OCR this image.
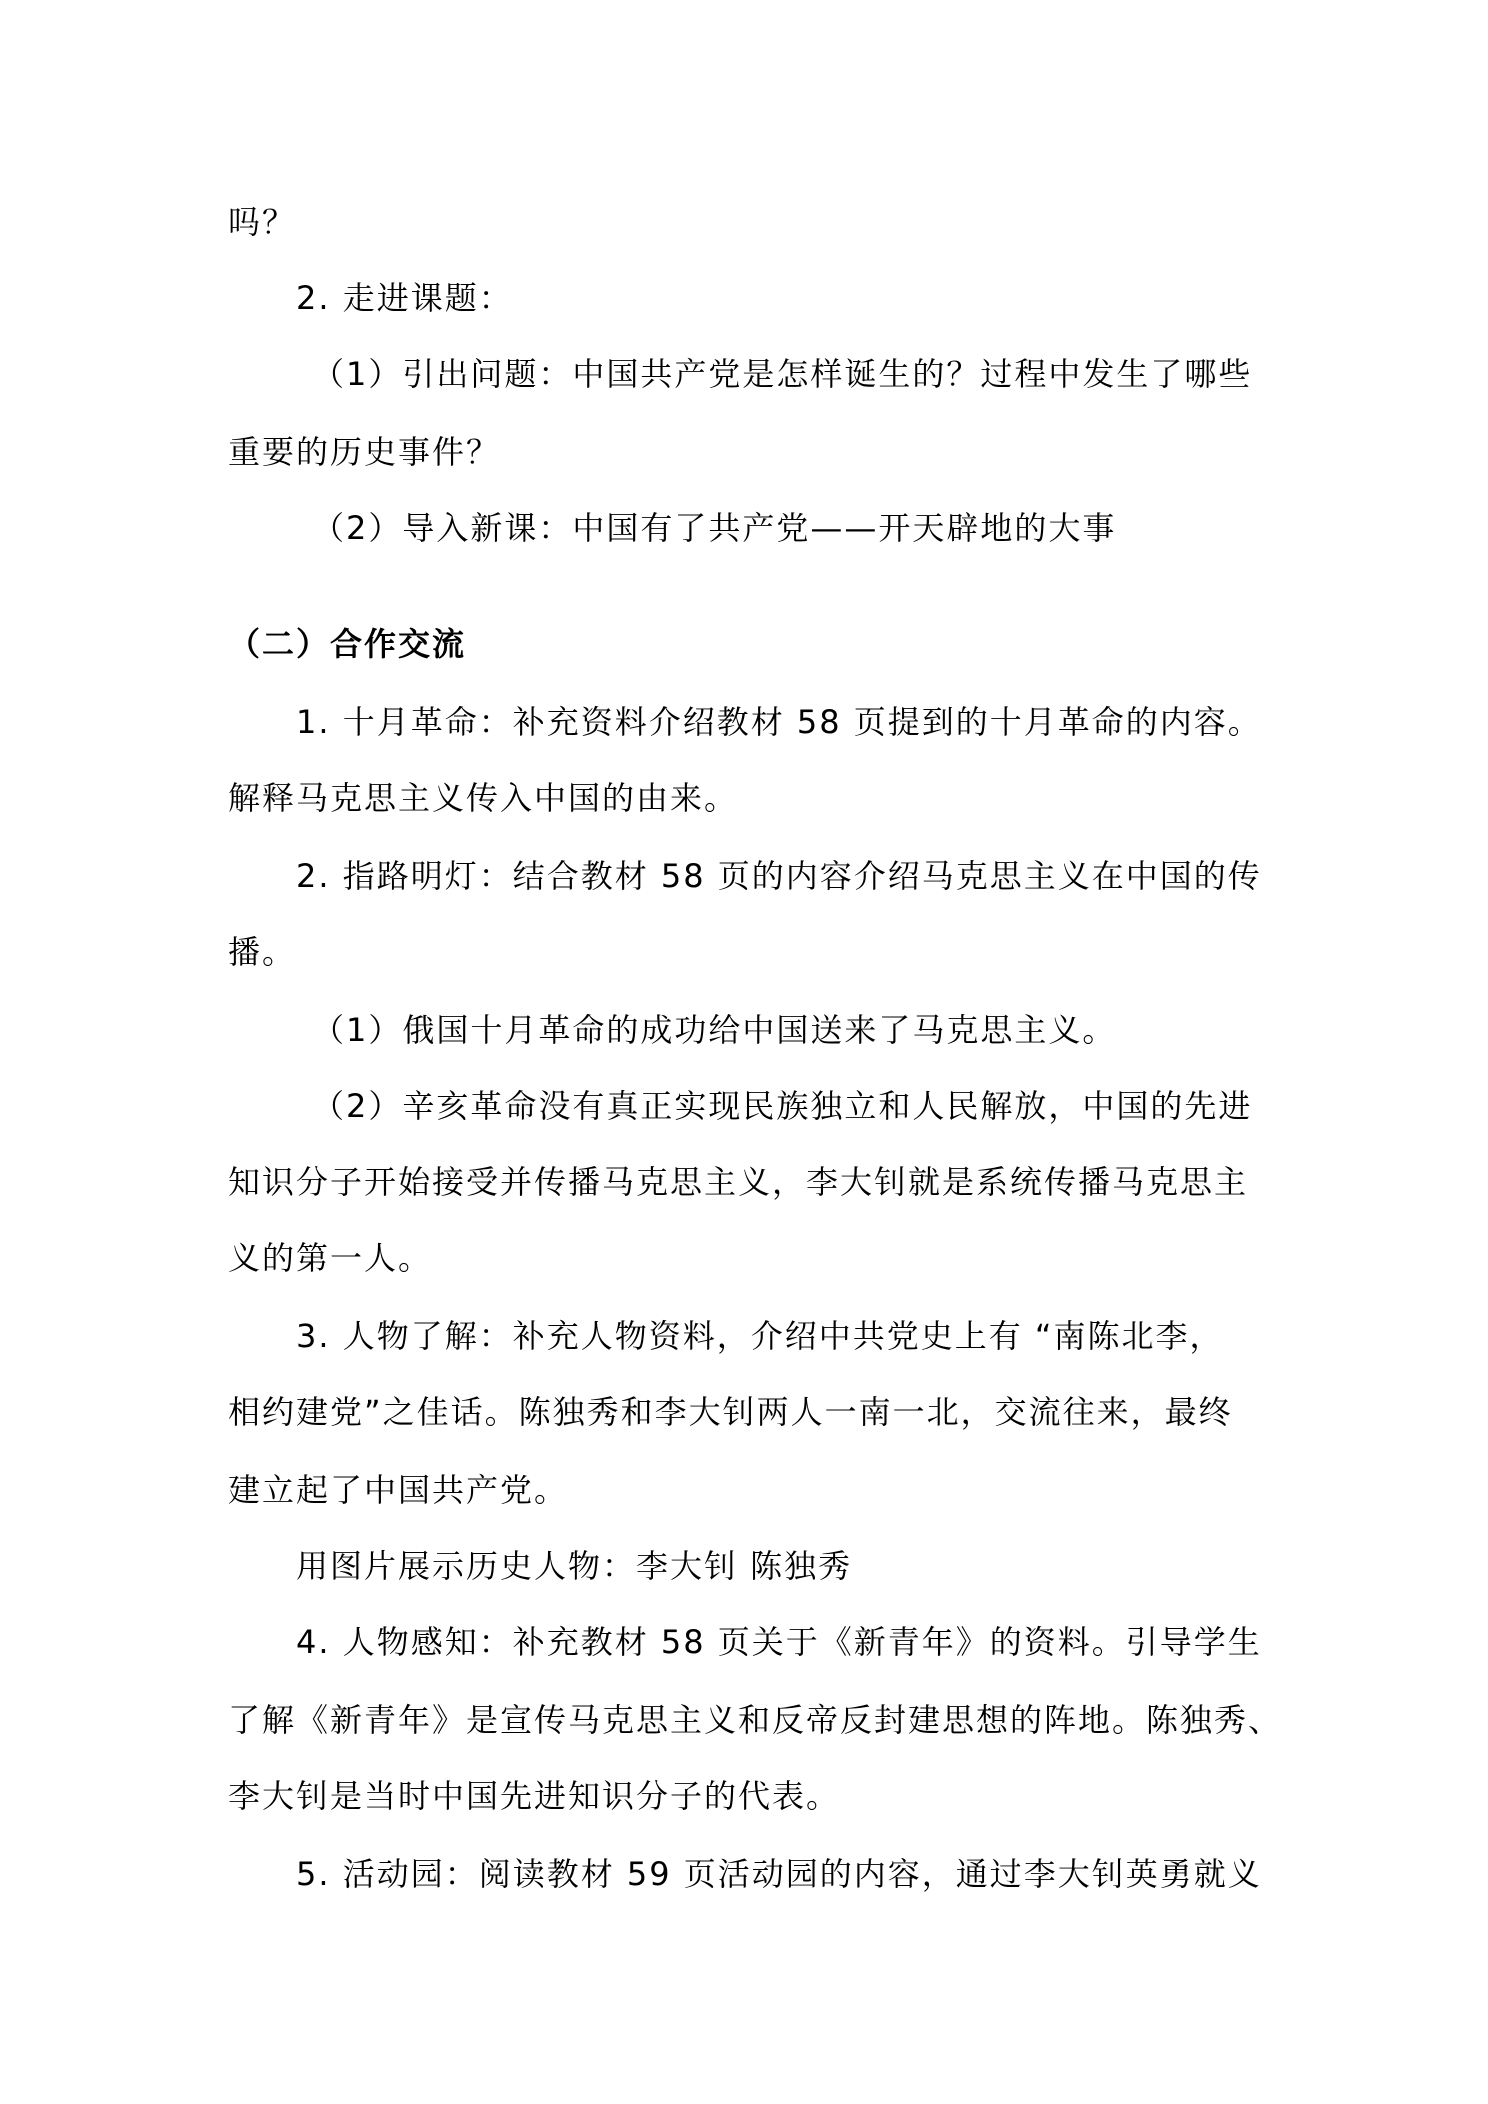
吗？
2. 走进课题：
（1）引出问题：中国共产党是怎样诞生的？过程中发生了哪些
重要的历史事件？
（2）导入新课：中国有了共产党——开天辟地的大事
（二）合作交流
1. 十月革命：补充资料介绍教材 58 页提到的十月革命的内容。
解释马克思主义传入中国的由来。
2. 指路明灯：结合教材 58 页的内容介绍马克思主义在中国的传
播。
（1）俄国十月革命的成功给中国送来了马克思主义。
（2）辛亥革命没有真正实现民族独立和人民解放，中国的先进
知识分子开始接受并传播马克思主义，李大钊就是系统传播马克思主
义的第一人。
3. 人物了解：补充人物资料，介绍中共党史上有 “南陈北李，
相约建党”之佳话。陈独秀和李大钊两人一南一北，交流往来，最终
建立起了中国共产党。
用图片展示历史人物：李大钊 陈独秀
4. 人物感知：补充教材 58 页关于《新青年》的资料。引导学生
了解《新青年》是宣传马克思主义和反帝反封建思想的阵地。陈独秀、
李大钊是当时中国先进知识分子的代表。
5. 活动园：阅读教材 59 页活动园的内容，通过李大钊英勇就义
